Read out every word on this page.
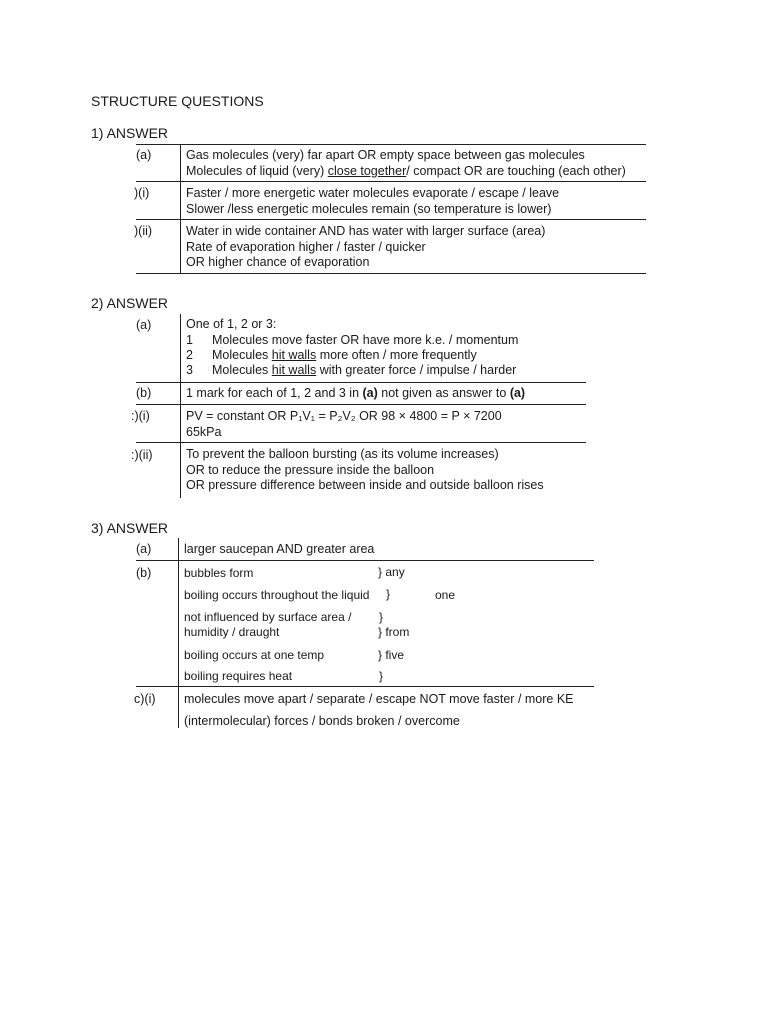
STRUCTURE QUESTIONS
1) ANSWER
(a)	Gas molecules (very) far apart OR empty space between gas molecules
Molecules of liquid (very) close together/ compact OR are touching (each other)
)(i)	Faster / more energetic water molecules evaporate / escape / leave
Slower /less energetic molecules remain (so temperature is lower)
)(ii)	Water in wide container AND has water with larger surface (area)
Rate of evaporation higher / faster / quicker
OR higher chance of evaporation
2) ANSWER
(a)	One of 1, 2 or 3:
1 Molecules move faster OR have more k.e. / momentum
2 Molecules hit walls more often / more frequently
3 Molecules hit walls with greater force / impulse / harder
(b)	1 mark for each of 1, 2 and 3 in (a) not given as answer to (a)
:)(i)	PV = constant OR P₁V₁ = P₂V₂ OR 98 × 4800 = P × 7200
65kPa
:)(ii)	To prevent the balloon bursting (as its volume increases)
OR to reduce the pressure inside the balloon
OR pressure difference between inside and outside balloon rises
3) ANSWER
(a)	larger saucepan AND greater area
(b)	bubbles form	} any
boiling occurs throughout the liquid }	one
not influenced by surface area / }
humidity / draught	} from
boiling occurs at one temp	} five
boiling requires heat	}
c)(i) molecules move apart / separate / escape NOT move faster / more KE
(intermolecular) forces / bonds broken / overcome
